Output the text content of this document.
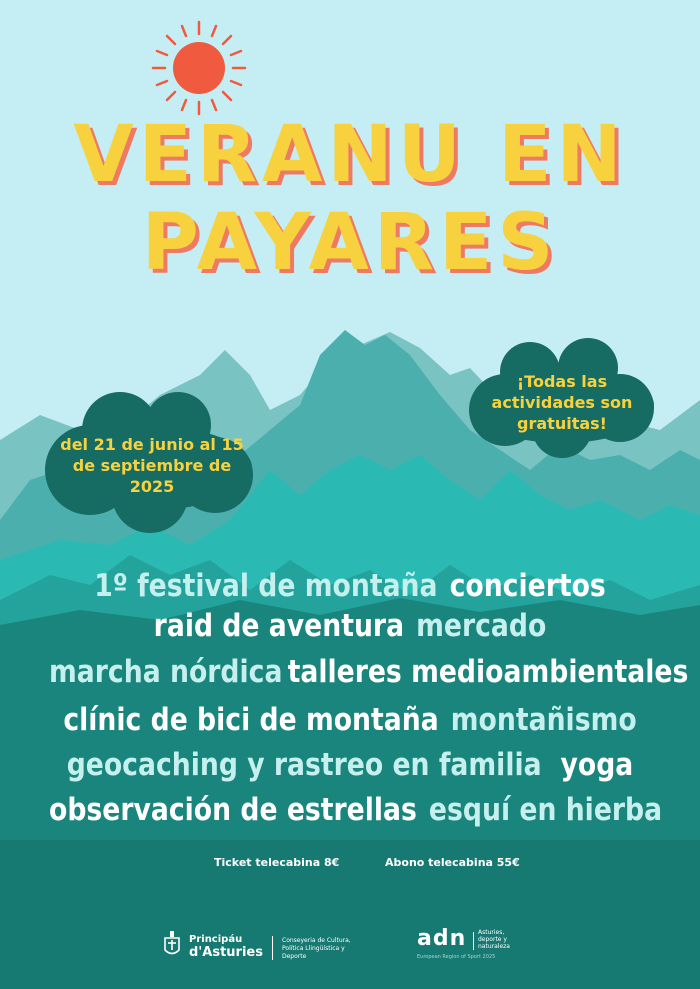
VERANU EN
PAYARES
del 21 de junio al 15
de septiembre de
2025
¡Todas las
actividades son
gratuitas!
1º festival de montaña conciertos
raid de aventura mercado
marcha nórdica talleres medioambientales
clínic de bici de montaña montañismo
geocaching y rastreo en familia yoga
observación de estrellas esquí en hierba
Ticket telecabina 8€	Abono telecabina 55€
Principáu
d'Asturies
Conseyeria de Cultura,
Política Llingüística y
Deporte
adn Asturies,
deporte y
naturaleza
European Region of Sport 2025
